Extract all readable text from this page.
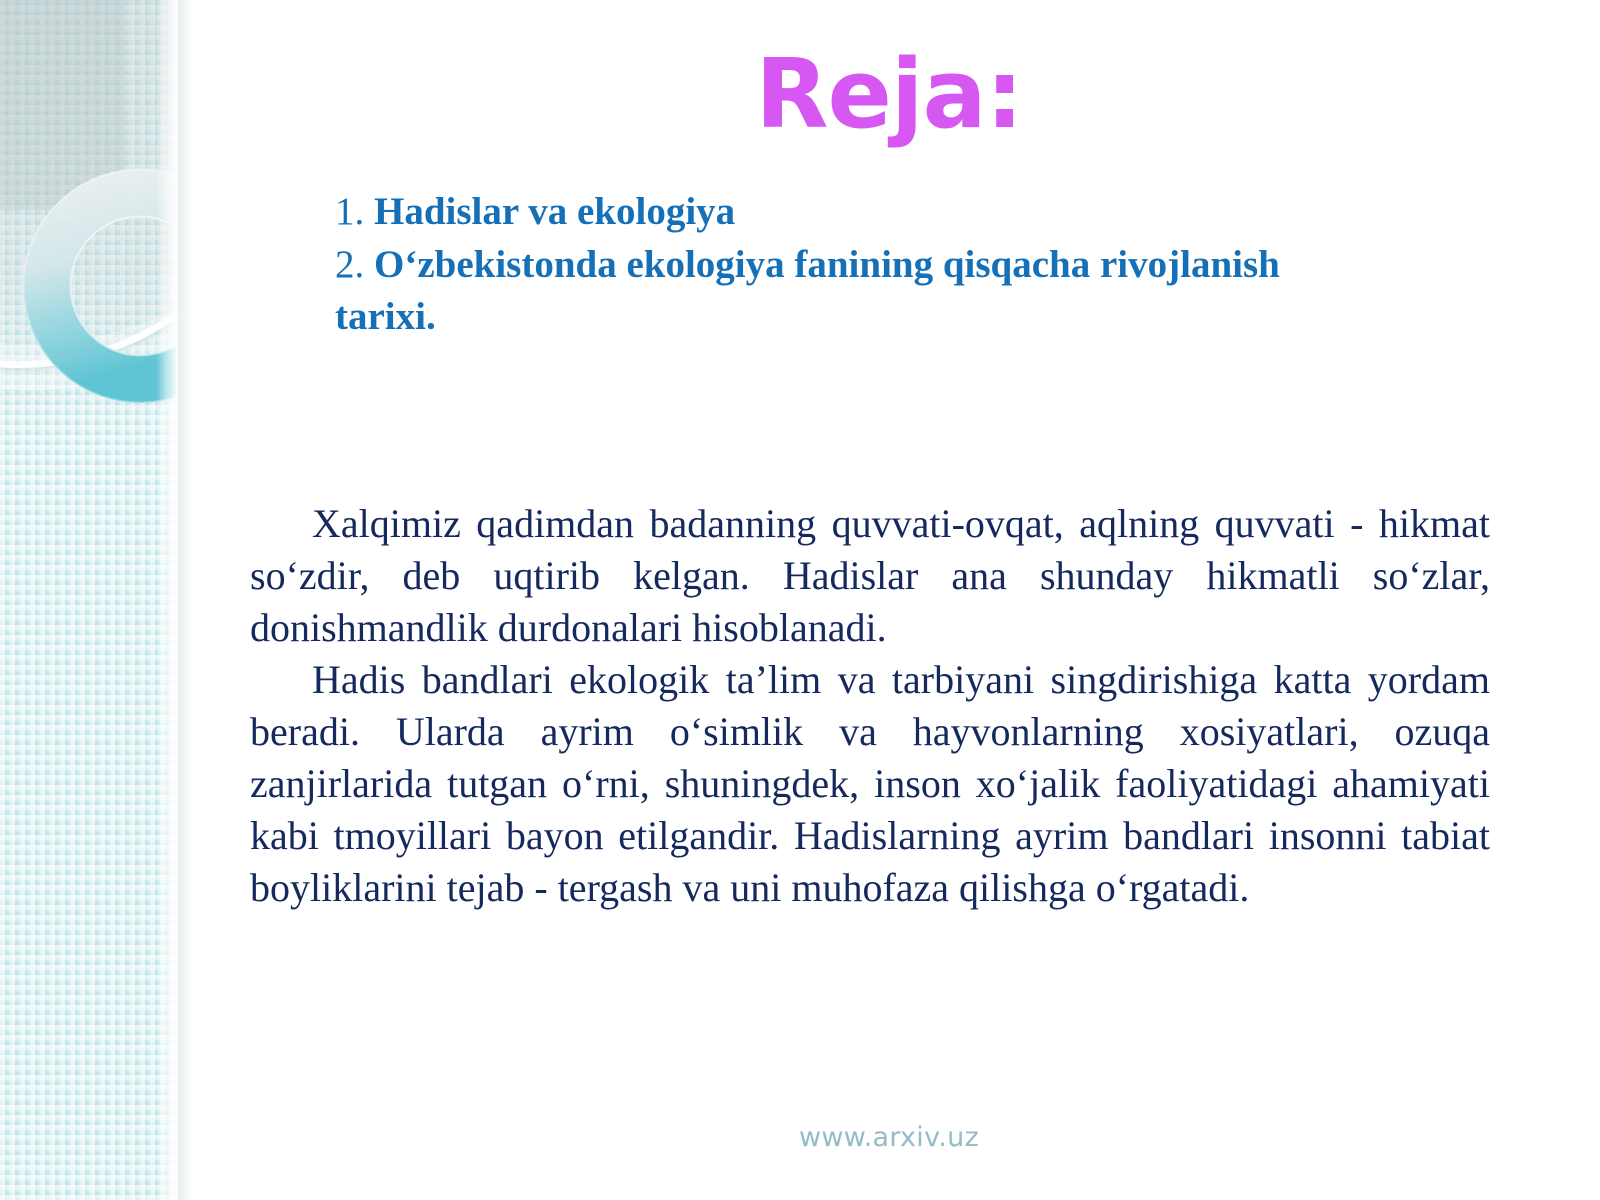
Reja:
1. Hadislar va ekologiya
2. O‘zbekistonda ekologiya fanining qisqacha rivojlanish tarixi.

Xalqimiz qadimdan badanning quvvati-ovqat, aqlning quvvati - hikmat so‘zdir, deb uqtirib kelgan. Hadislar ana shunday hikmatli so‘zlar, donishmandlik durdonalari hisoblanadi.

Hadis bandlari ekologik ta’lim va tarbiyani singdirishiga katta yordam beradi. Ularda ayrim o‘simlik va hayvonlarning xosiyatlari, ozuqa zanjirlarida tutgan o‘rni, shuningdek, inson xo‘jalik faoliyatidagi ahamiyati kabi tmoyillari bayon etilgandir. Hadislarning ayrim bandlari insonni tabiat boyliklarini tejab - tergash va uni muhofaza qilishga o‘rgatadi.

www.arxiv.uz
